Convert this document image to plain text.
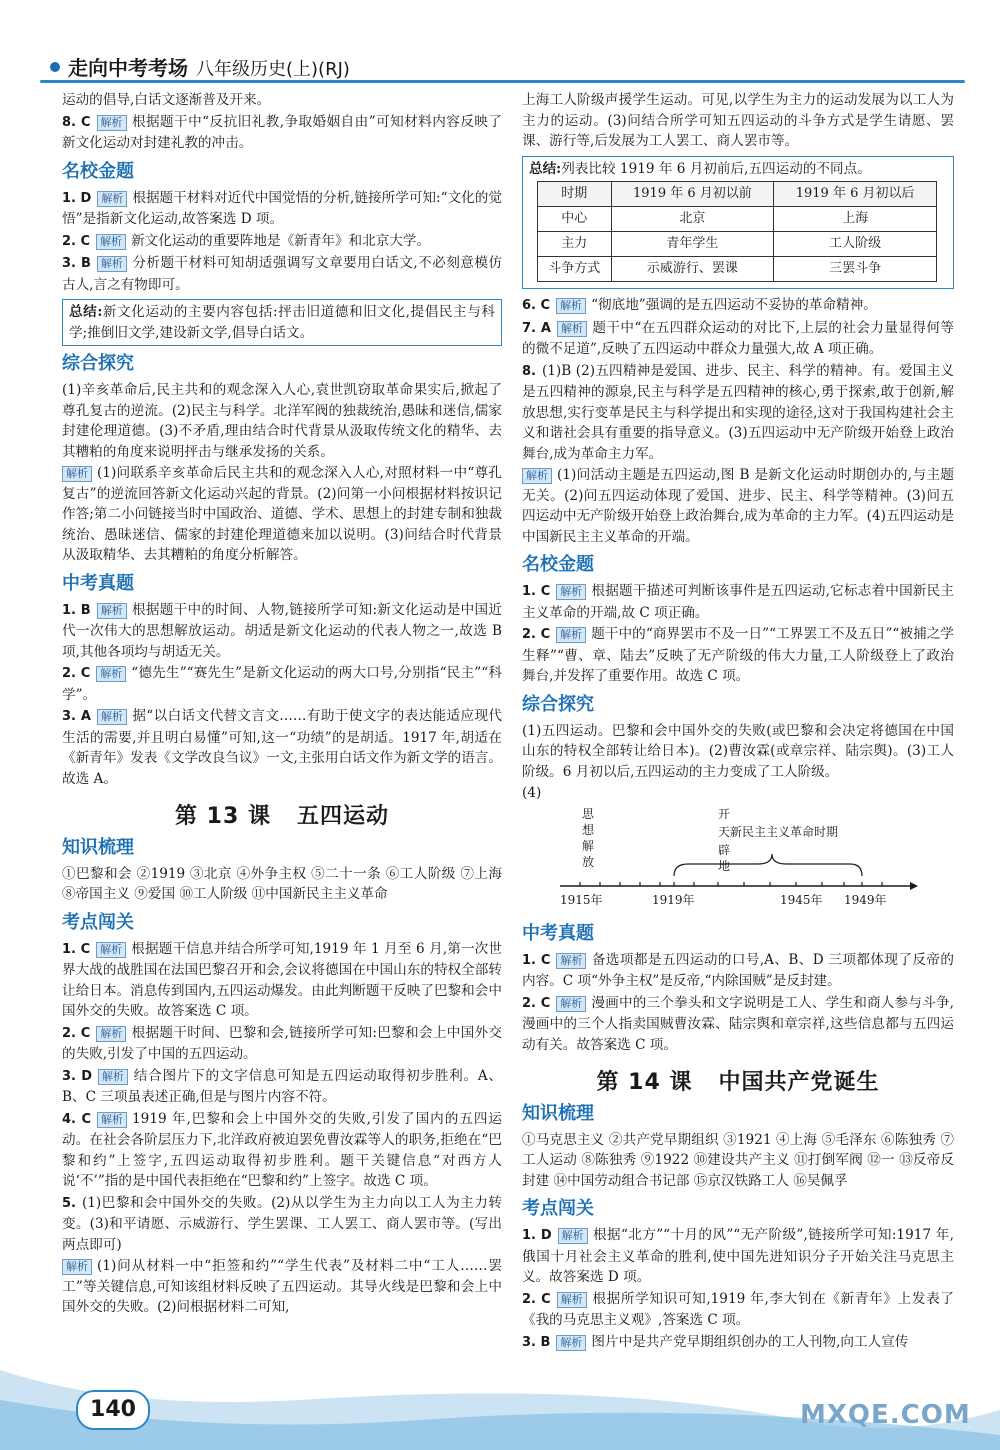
走向中考考场 八年级历史(上)(RJ)

运动的倡导,白话文逐渐普及开来。

8. C 解析 根据题干中“反抗旧礼教,争取婚姻自由”可知材料内容反映了新文化运动对封建礼教的冲击。

名校金题

1. D 解析 根据题干材料对近代中国觉悟的分析,链接所学可知:“文化的觉悟”是指新文化运动,故答案选 D 项。

2. C 解析 新文化运动的重要阵地是《新青年》和北京大学。

3. B 解析 分析题干材料可知胡适强调写文章要用白话文,不必刻意模仿古人,言之有物即可。

总结:新文化运动的主要内容包括:抨击旧道德和旧文化,提倡民主与科学;推倒旧文学,建设新文学,倡导白话文。
综合探究

(1)辛亥革命后,民主共和的观念深入人心,袁世凯窃取革命果实后,掀起了尊孔复古的逆流。(2)民主与科学。北洋军阀的独裁统治,愚昧和迷信,儒家封建伦理道德。(3)不矛盾,理由结合时代背景从汲取传统文化的精华、去其糟粕的角度来说明抨击与继承发扬的关系。

解析 (1)问联系辛亥革命后民主共和的观念深入人心,对照材料一中“尊孔复古”的逆流回答新文化运动兴起的背景。(2)问第一小问根据材料按识记作答;第二小问链接当时中国政治、道德、学术、思想上的封建专制和独裁统治、愚昧迷信、儒家的封建伦理道德来加以说明。(3)问结合时代背景从汲取精华、去其糟粕的角度分析解答。

中考真题

1. B 解析 根据题干中的时间、人物,链接所学可知:新文化运动是中国近代一次伟大的思想解放运动。胡适是新文化运动的代表人物之一,故选 B 项,其他各项均与胡适无关。

2. C 解析 “德先生”“赛先生”是新文化运动的两大口号,分别指“民主”“科学”。

3. A 解析 据“以白话文代替文言文……有助于使文字的表达能适应现代生活的需要,并且明白易懂”可知,这一“功绩”的是胡适。1917 年,胡适在《新青年》发表《文学改良刍议》一文,主张用白话文作为新文学的语言。故选 A。

第 13 课 五四运动
知识梳理

①巴黎和会 ②1919 ③北京 ④外争主权 ⑤二十一条 ⑥工人阶级 ⑦上海 ⑧帝国主义 ⑨爱国 ⑩工人阶级 ⑪中国新民主主义革命

考点闯关

1. C 解析 根据题干信息并结合所学可知,1919 年 1 月至 6 月,第一次世界大战的战胜国在法国巴黎召开和会,会议将德国在中国山东的特权全部转让给日本。消息传到国内,五四运动爆发。由此判断题干反映了巴黎和会中国外交的失败。故答案选 C 项。

2. C 解析 根据题干时间、巴黎和会,链接所学可知:巴黎和会上中国外交的失败,引发了中国的五四运动。

3. D 解析 结合图片下的文字信息可知是五四运动取得初步胜利。A、B、C 三项虽表述正确,但是与图片内容不符。

4. C 解析 1919 年,巴黎和会上中国外交的失败,引发了国内的五四运动。在社会各阶层压力下,北洋政府被迫罢免曹汝霖等人的职务,拒绝在“巴黎和约”上签字,五四运动取得初步胜利。题干关键信息“对西方人说‘不’”指的是中国代表拒绝在“巴黎和约”上签字。故选 C 项。

5. (1)巴黎和会中国外交的失败。(2)从以学生为主力向以工人为主力转变。(3)和平请愿、示威游行、学生罢课、工人罢工、商人罢市等。(写出两点即可)

解析 (1)问从材料一中“拒签和约”“学生代表”及材料二中“工人……罢工”等关键信息,可知该组材料反映了五四运动。其导火线是巴黎和会上中国外交的失败。(2)问根据材料二可知,

上海工人阶级声援学生运动。可见,以学生为主力的运动发展为以工人为主力的运动。(3)问结合所学可知五四运动的斗争方式是学生请愿、罢课、游行等,后发展为工人罢工、商人罢市等。

总结:列表比较 1919 年 6 月初前后,五四运动的不同点。
时期	1919 年 6 月初以前	1919 年 6 月初以后
中心	北京	上海
主力	青年学生	工人阶级
斗争方式	示威游行、罢课	三罢斗争

6. C 解析 “彻底地”强调的是五四运动不妥协的革命精神。

7. A 解析 题干中“在五四群众运动的对比下,上层的社会力量显得何等的微不足道”,反映了五四运动中群众力量强大,故 A 项正确。

8. (1)B (2)五四精神是爱国、进步、民主、科学的精神。有。爱国主义是五四精神的源泉,民主与科学是五四精神的核心,勇于探索,敢于创新,解放思想,实行变革是民主与科学提出和实现的途径,这对于我国构建社会主义和谐社会具有重要的指导意义。(3)五四运动中无产阶级开始登上政治舞台,成为革命主力军。

解析 (1)问活动主题是五四运动,图 B 是新文化运动时期创办的,与主题无关。(2)问五四运动体现了爱国、进步、民主、科学等精神。(3)问五四运动中无产阶级开始登上政治舞台,成为革命的主力军。(4)五四运动是中国新民主主义革命的开端。

名校金题

1. C 解析 根据题干描述可判断该事件是五四运动,它标志着中国新民主主义革命的开端,故 C 项正确。

2. C 解析 题干中的“商界罢市不及一日”“工界罢工不及五日”“被捕之学生释”“曹、章、陆去”反映了无产阶级的伟大力量,工人阶级登上了政治舞台,并发挥了重要作用。故选 C 项。

综合探究

(1)五四运动。巴黎和会中国外交的失败(或巴黎和会决定将德国在中国山东的特权全部转让给日本)。(2)曹汝霖(或章宗祥、陆宗舆)。(3)工人阶级。6 月初以后,五四运动的主力变成了工人阶级。

(4)

思
想
解
放
开
天新民主主义革命时期
辟
地
1915年	1919年	1945年 1949年
中考真题

1. C 解析 备选项都是五四运动的口号,A、B、D 三项都体现了反帝的内容。C 项“外争主权”是反帝,“内除国贼”是反封建。

2. C 解析 漫画中的三个拳头和文字说明是工人、学生和商人参与斗争,漫画中的三个人指卖国贼曹汝霖、陆宗舆和章宗祥,这些信息都与五四运动有关。故答案选 C 项。

第 14 课 中国共产党诞生
知识梳理

①马克思主义 ②共产党早期组织 ③1921 ④上海 ⑤毛泽东 ⑥陈独秀 ⑦工人运动 ⑧陈独秀 ⑨1922 ⑩建设共产主义 ⑪打倒军阀 ⑫一 ⑬反帝反封建 ⑭中国劳动组合书记部 ⑮京汉铁路工人 ⑯吴佩孚

考点闯关

1. D 解析 根据“北方”“十月的风”“无产阶级”,链接所学可知:1917 年,俄国十月社会主义革命的胜利,使中国先进知识分子开始关注马克思主义。故答案选 D 项。

2. C 解析 根据所学知识可知,1919 年,李大钊在《新青年》上发表了《我的马克思主义观》,答案选 C 项。

3. B 解析 图片中是共产党早期组织创办的工人刊物,向工人宣传

140	MXQE.COM
